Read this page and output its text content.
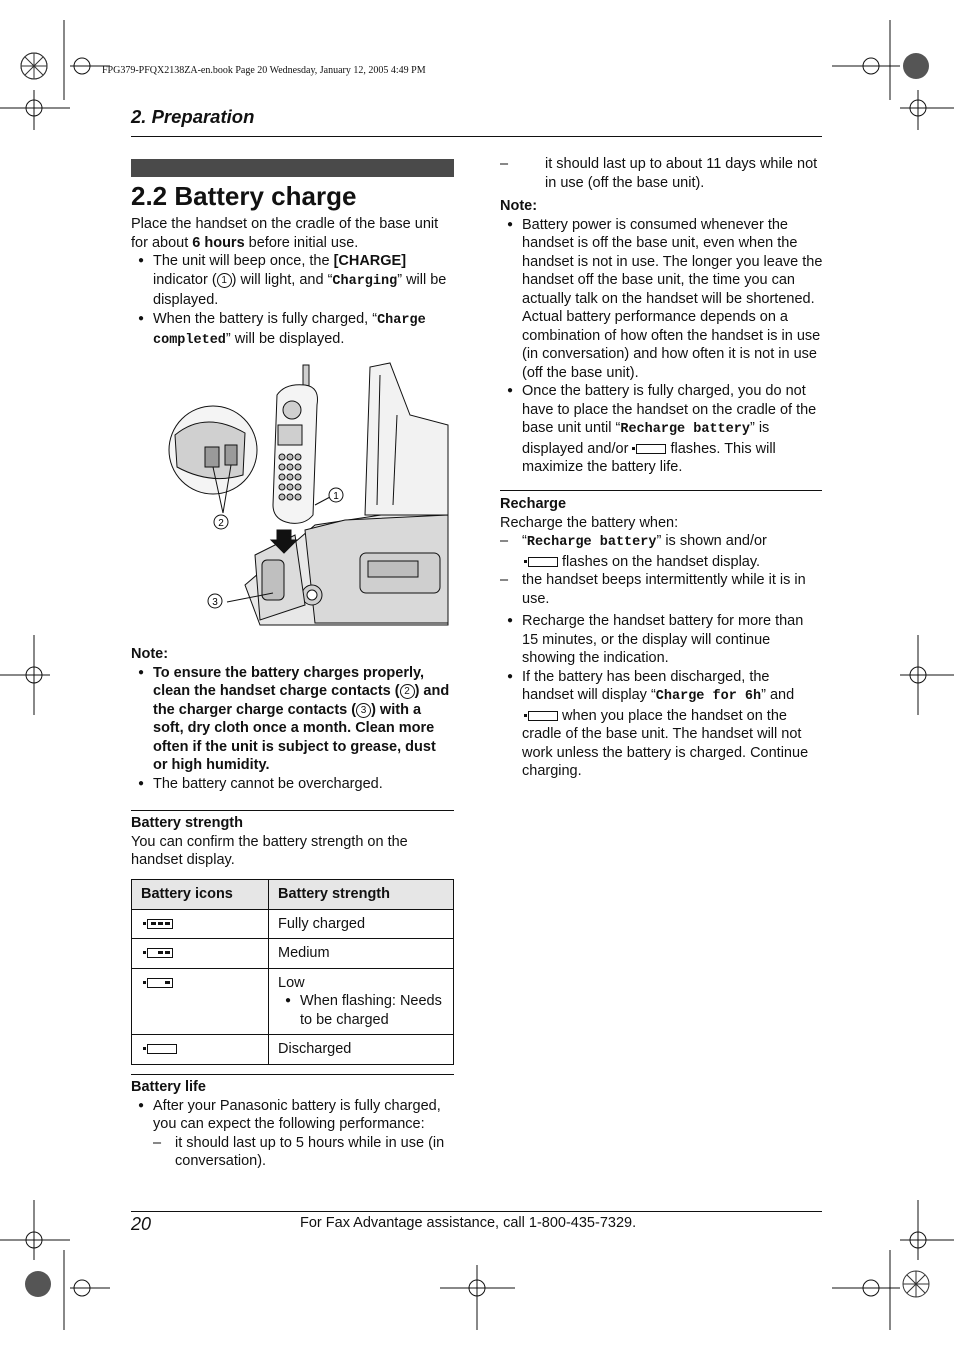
FPG379-PFQX2138ZA-en.book Page 20 Wednesday, January 12, 2005 4:49 PM
2. Preparation
2.2 Battery charge
Place the handset on the cradle of the base unit for about 6 hours before initial use.
● The unit will beep once, the [CHARGE] indicator ( 1 ) will light, and “Charging” will be displayed.
● When the battery is fully charged, “Charge completed” will be displayed.
1
2
3
Note:
● To ensure the battery charges properly, clean the handset charge contacts ( 2 ) and the charger charge contacts ( 3 ) with a soft, dry cloth once a month. Clean more often if the unit is subject to grease, dust or high humidity.
● The battery cannot be overcharged.
Battery strength
You can confirm the battery strength on the handset display.
Battery icons	Battery strength

	Fully charged

	Medium

	Low
● When flashing: Needs to be charged

	Discharged
Battery life
● After your Panasonic battery is fully charged, you can expect the following performance:
– it should last up to 5 hours while in use (in conversation).
– it should last up to about 11 days while not in use (off the base unit).
Note:
● Battery power is consumed whenever the handset is off the base unit, even when the handset is not in use. The longer you leave the handset off the base unit, the time you can actually talk on the handset will be shortened. Actual battery performance depends on a combination of how often the handset is in use (in conversation) and how often it is not in use (off the base unit).
● Once the battery is fully charged, you do not have to place the handset on the cradle of the base unit until “Recharge battery” is displayed and/or  flashes. This will maximize the battery life.
Recharge
Recharge the battery when:
– “Recharge battery” is shown and/or
flashes on the handset display.
– the handset beeps intermittently while it is in use.
● Recharge the handset battery for more than 15 minutes, or the display will continue showing the indication.
● If the battery has been discharged, the handset will display “Charge for 6h” and
when you place the handset on the cradle of the base unit. The handset will not work unless the battery is charged. Continue charging.
20	For Fax Advantage assistance, call 1-800-435-7329.
